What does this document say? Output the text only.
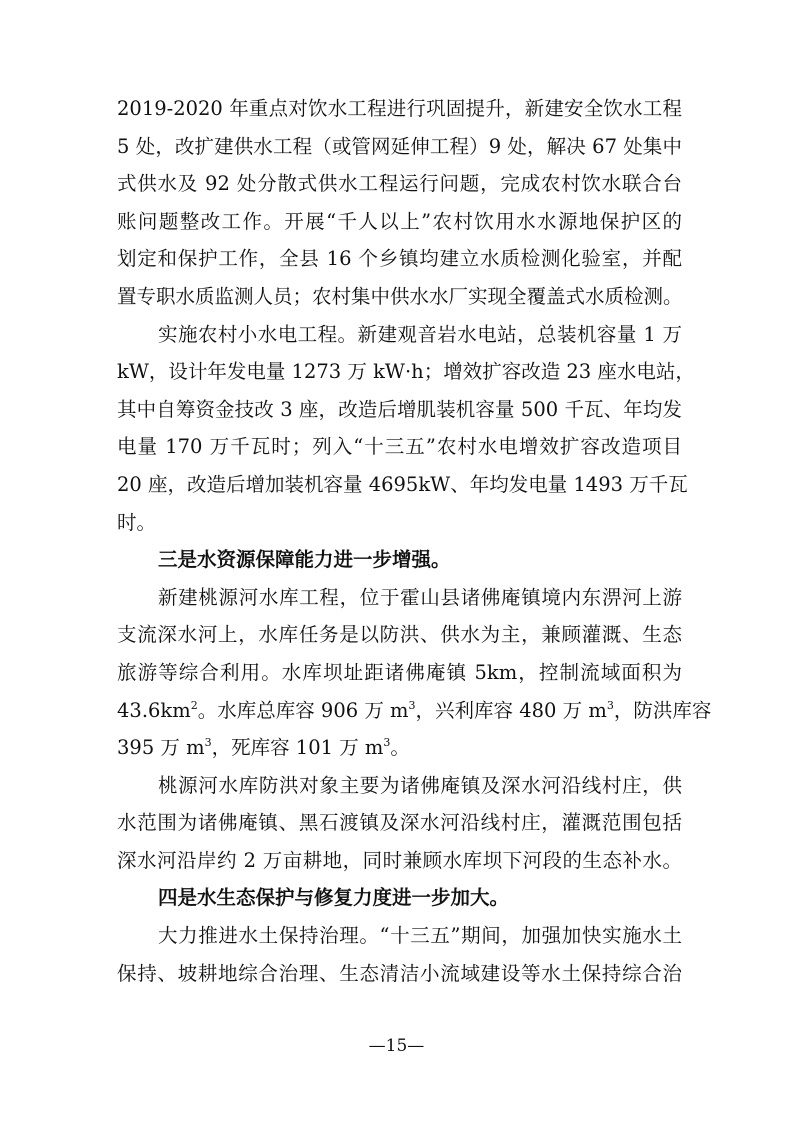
2019-2020 年重点对饮水工程进行巩固提升，新建安全饮水工程
5 处，改扩建供水工程（或管网延伸工程）9 处，解决 67 处集中
式供水及 92 处分散式供水工程运行问题，完成农村饮水联合台
账问题整改工作。开展“千人以上”农村饮用水水源地保护区的
划定和保护工作，全县 16 个乡镇均建立水质检测化验室，并配
置专职水质监测人员；农村集中供水水厂实现全覆盖式水质检测。
实施农村小水电工程。新建观音岩水电站，总装机容量 1 万
kW，设计年发电量 1273 万 kW·h；增效扩容改造 23 座水电站，
其中自筹资金技改 3 座，改造后增肌装机容量 500 千瓦、年均发
电量 170 万千瓦时；列入“十三五”农村水电增效扩容改造项目
20 座，改造后增加装机容量 4695kW、年均发电量 1493 万千瓦
时。
三是水资源保障能力进一步增强。
新建桃源河水库工程，位于霍山县诸佛庵镇境内东淠河上游
支流深水河上，水库任务是以防洪、供水为主，兼顾灌溉、生态
旅游等综合利用。水库坝址距诸佛庵镇 5km，控制流域面积为
$43.6km^2$。水库总库容 906 万 $m^3$，兴利库容 480 万 $m^3$，防洪库容
395 万 $m^3$，死库容 101 万 $m^3$。
桃源河水库防洪对象主要为诸佛庵镇及深水河沿线村庄，供
水范围为诸佛庵镇、黑石渡镇及深水河沿线村庄，灌溉范围包括
深水河沿岸约 2 万亩耕地，同时兼顾水库坝下河段的生态补水。
四是水生态保护与修复力度进一步加大。
大力推进水土保持治理。“十三五”期间，加强加快实施水土
保持、坡耕地综合治理、生态清洁小流域建设等水土保持综合治
—15—
